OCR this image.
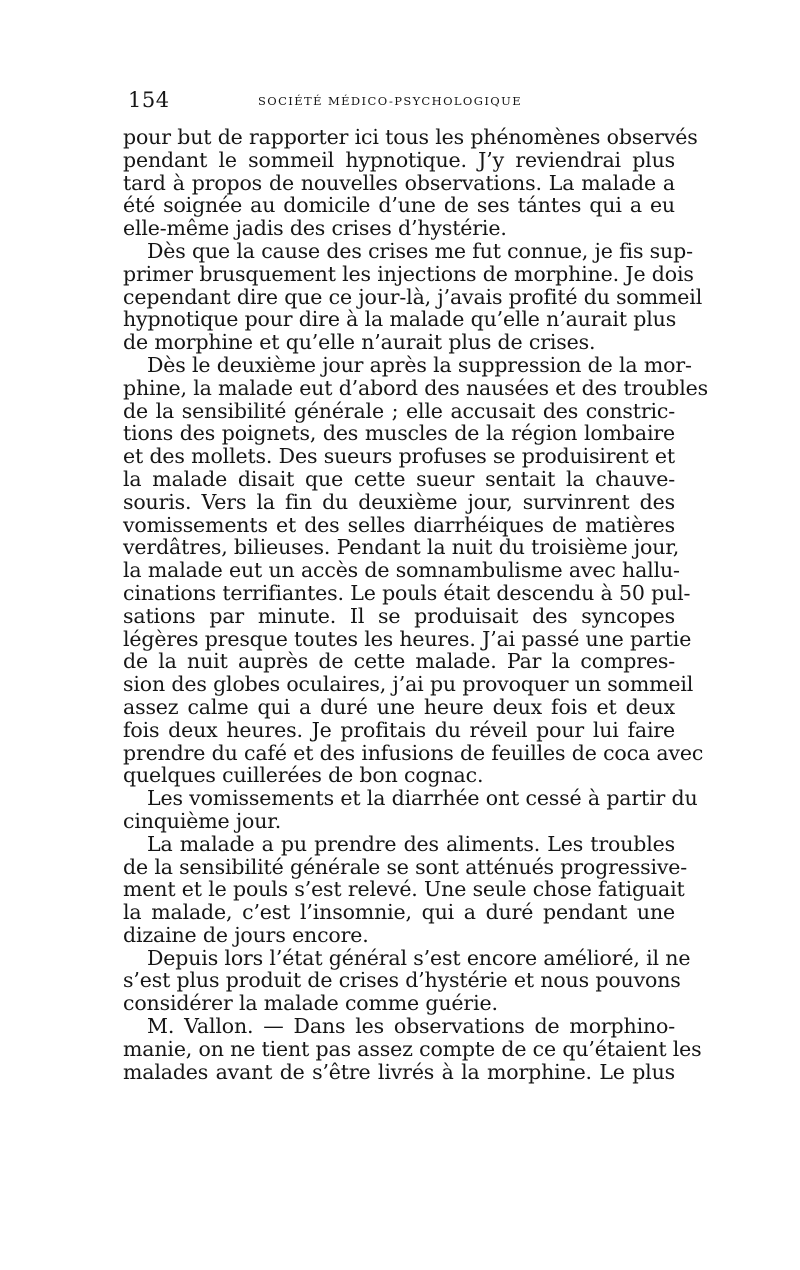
154	SOCIÉTÉ MÉDICO-PSYCHOLOGIQUE
pour but de rapporter ici tous les phénomènes observés
pendant le sommeil hypnotique. J’y reviendrai plus
tard à propos de nouvelles observations. La malade a
été soignée au domicile d’une de ses tántes qui a eu
elle-même jadis des crises d’hystérie.
Dès que la cause des crises me fut connue, je fis sup-
primer brusquement les injections de morphine. Je dois
cependant dire que ce jour-là, j’avais profité du sommeil
hypnotique pour dire à la malade qu’elle n’aurait plus
de morphine et qu’elle n’aurait plus de crises.
Dès le deuxième jour après la suppression de la mor-
phine, la malade eut d’abord des nausées et des troubles
de la sensibilité générale ; elle accusait des constric-
tions des poignets, des muscles de la région lombaire
et des mollets. Des sueurs profuses se produisirent et
la malade disait que cette sueur sentait la chauve-
souris. Vers la fin du deuxième jour, survinrent des
vomissements et des selles diarrhéiques de matières
verdâtres, bilieuses. Pendant la nuit du troisième jour,
la malade eut un accès de somnambulisme avec hallu-
cinations terrifiantes. Le pouls était descendu à 50 pul-
sations par minute. Il se produisait des syncopes
légères presque toutes les heures. J’ai passé une partie
de la nuit auprès de cette malade. Par la compres-
sion des globes oculaires, j’ai pu provoquer un sommeil
assez calme qui a duré une heure deux fois et deux
fois deux heures. Je profitais du réveil pour lui faire
prendre du café et des infusions de feuilles de coca avec
quelques cuillerées de bon cognac.
Les vomissements et la diarrhée ont cessé à partir du
cinquième jour.
La malade a pu prendre des aliments. Les troubles
de la sensibilité générale se sont atténués progressive-
ment et le pouls s’est relevé. Une seule chose fatiguait
la malade, c’est l’insomnie, qui a duré pendant une
dizaine de jours encore.
Depuis lors l’état général s’est encore amélioré, il ne
s’est plus produit de crises d’hystérie et nous pouvons
considérer la malade comme guérie.
M. Vallon. — Dans les observations de morphino-
manie, on ne tient pas assez compte de ce qu’étaient les
malades avant de s’être livrés à la morphine. Le plus
